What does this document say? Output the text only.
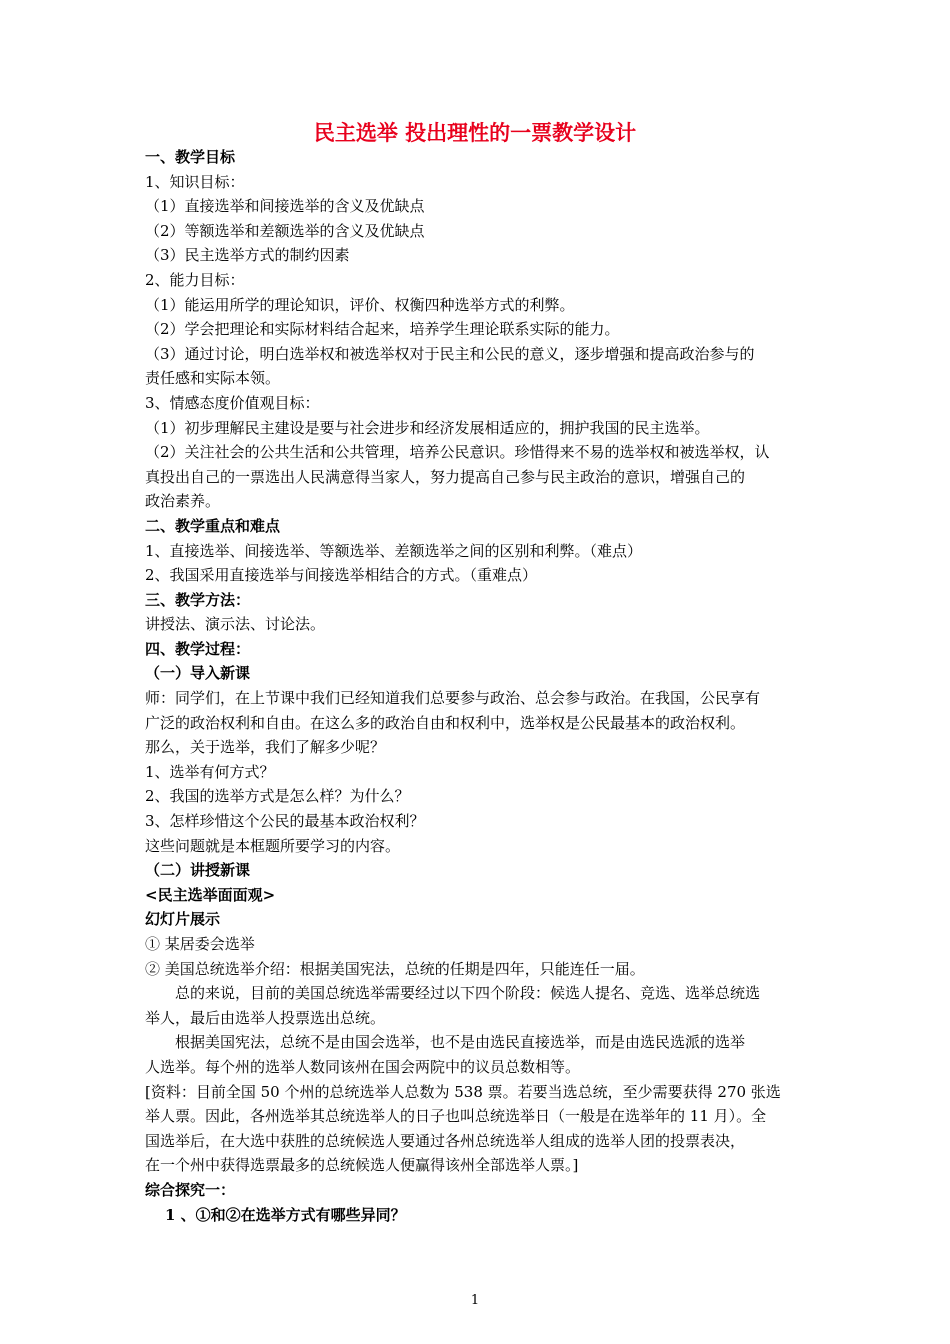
民主选举 投出理性的一票教学设计
一、教学目标
1、知识目标：
（1）直接选举和间接选举的含义及优缺点
（2）等额选举和差额选举的含义及优缺点
（3）民主选举方式的制约因素
2、能力目标：
（1）能运用所学的理论知识，评价、权衡四种选举方式的利弊。
（2）学会把理论和实际材料结合起来，培养学生理论联系实际的能力。
（3）通过讨论，明白选举权和被选举权对于民主和公民的意义，逐步增强和提高政治参与的
责任感和实际本领。
3、情感态度价值观目标：
（1）初步理解民主建设是要与社会进步和经济发展相适应的，拥护我国的民主选举。
（2）关注社会的公共生活和公共管理，培养公民意识。珍惜得来不易的选举权和被选举权，认
真投出自己的一票选出人民满意得当家人，努力提高自己参与民主政治的意识，增强自己的
政治素养。
二、教学重点和难点
1、直接选举、间接选举、等额选举、差额选举之间的区别和利弊。（难点）
2、我国采用直接选举与间接选举相结合的方式。（重难点）
三、教学方法：
讲授法、演示法、讨论法。
四、教学过程：
（一）导入新课
师：同学们，在上节课中我们已经知道我们总要参与政治、总会参与政治。在我国，公民享有
广泛的政治权利和自由。在这么多的政治自由和权利中，选举权是公民最基本的政治权利。
那么，关于选举，我们了解多少呢？
1、选举有何方式？
2、我国的选举方式是怎么样？为什么？
3、怎样珍惜这个公民的最基本政治权利？
这些问题就是本框题所要学习的内容。
（二）讲授新课
<民主选举面面观>
幻灯片展示
① 某居委会选举
② 美国总统选举介绍：根据美国宪法，总统的任期是四年，只能连任一届。
总的来说，目前的美国总统选举需要经过以下四个阶段：候选人提名、竞选、选举总统选
举人，最后由选举人投票选出总统。
根据美国宪法，总统不是由国会选举，也不是由选民直接选举，而是由选民选派的选举
人选举。每个州的选举人数同该州在国会两院中的议员总数相等。
[资料：目前全国 50 个州的总统选举人总数为 538 票。若要当选总统，至少需要获得 270 张选
举人票。因此，各州选举其总统选举人的日子也叫总统选举日（一般是在选举年的 11 月）。全
国选举后，在大选中获胜的总统候选人要通过各州总统选举人组成的选举人团的投票表决，
在一个州中获得选票最多的总统候选人便赢得该州全部选举人票。]
综合探究一：
1 、①和②在选举方式有哪些异同？
1
